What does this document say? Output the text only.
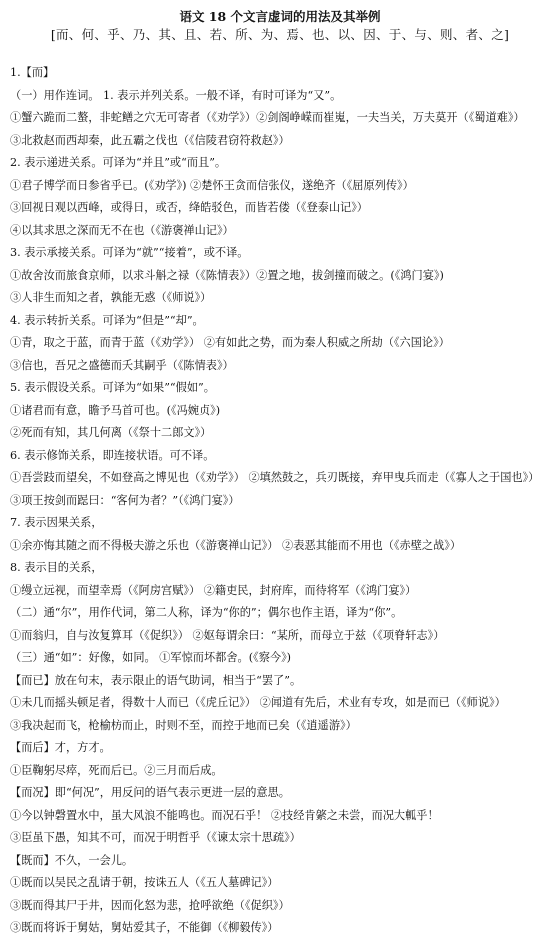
语文 18 个文言虚词的用法及其举例

[而、何、乎、乃、其、且、若、所、为、焉、也、以、因、于、与、则、者、之]

1.【而】

（一）用作连词。 1. 表示并列关系。一般不译，有时可译为“又”。

①蟹六跪而二螯，非蛇鳝之穴无可寄者（《劝学》）②剑阁峥嵘而崔嵬，一夫当关，万夫莫开（《蜀道难》）

③北救赵而西却秦，此五霸之伐也（《信陵君窃符救赵》）

2. 表示递进关系。可译为“并且”或“而且”。

①君子博学而日参省乎已。(《劝学》) ②楚怀王贪而信张仪，遂绝齐（《屈原列传》）

③回视日观以西峰，或得日，或否，绛皓驳色，而皆若偻（《登泰山记》）

④以其求思之深而无不在也（《游褒禅山记》）

3. 表示承接关系。可译为“就”“接着”，或不译。

①故舍汝而旅食京师，以求斗斛之禄（《陈情表》）②置之地，拔剑撞而破之。(《鸿门宴》)

③人非生而知之者，孰能无惑（《师说》）

4. 表示转折关系。可译为“但是”“却”。

①青，取之于蓝，而青于蓝（《劝学》） ②有如此之势，而为秦人积威之所劫（《六国论》）

③信也，吾兄之盛德而夭其嗣乎（《陈情表》）

5. 表示假设关系。可译为“如果”“假如”。

①诸君而有意，瞻予马首可也。(《冯婉贞》)

②死而有知，其几何离（《祭十二郎文》）

6. 表示修饰关系，即连接状语。可不译。

①吾尝跂而望矣，不如登高之博见也（《劝学》） ②填然鼓之，兵刃既接，弃甲曳兵而走（《寡人之于国也》）

③项王按剑而跽曰：“客何为者？”（《鸿门宴》）

7. 表示因果关系，

①余亦悔其随之而不得极夫游之乐也（《游褒禅山记》） ②表恶其能而不用也（《赤壁之战》）

8. 表示目的关系，

①缦立远视，而望幸焉（《阿房宫赋》） ②籍吏民，封府库，而待将军（《鸿门宴》）

（二）通“尔”，用作代词，第二人称，译为“你的”；偶尔也作主语，译为“你”。

①而翁归，自与汝复算耳（《促织》） ②妪每谓余曰：“某所，而母立于兹（《项脊轩志》）

（三）通“如”：好像，如同。 ①军惊而坏都舍。(《察今》)

【而已】放在句末，表示限止的语气助词，相当于“罢了”。

①未几而摇头顿足者，得数十人而已（《虎丘记》） ②闻道有先后，术业有专攻，如是而已（《师说》）

③我决起而飞，枪榆枋而止，时则不至，而控于地而已矣（《逍遥游》）

【而后】才，方才。

①臣鞠躬尽瘁，死而后已。②三月而后成。

【而况】即“何况”，用反问的语气表示更进一层的意思。

①今以钟磬置水中，虽大风浪不能鸣也。而况石乎！ ②技经肯綮之未尝，而况大軱乎！

③臣虽下愚，知其不可，而况于明哲乎（《谏太宗十思疏》）

【既而】不久，一会儿。

①既而以吴民之乱请于朝，按诛五人（《五人墓碑记》）

③既而得其尸于井，因而化怒为悲，抢呼欲绝（《促织》）

③既而将诉于舅姑，舅姑爱其子，不能御（《柳毅传》）
